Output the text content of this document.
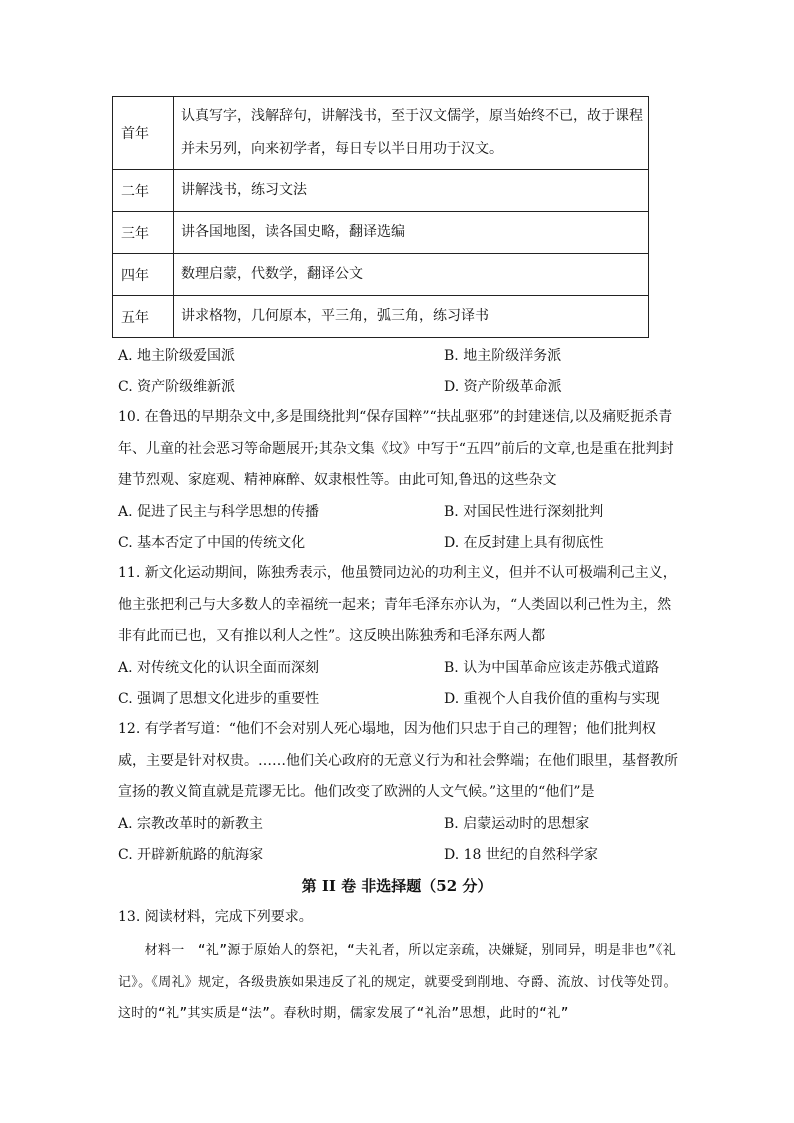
首年	认真写字，浅解辞句，讲解浅书，至于汉文儒学，原当始终不已，故于课程并未另列，向来初学者，每日专以半日用功于汉文。
二年	讲解浅书，练习文法
三年	讲各国地图，读各国史略，翻译选编
四年	数理启蒙，代数学，翻译公文
五年	讲求格物，几何原本，平三角，弧三角，练习译书
A. 地主阶级爱国派	B. 地主阶级洋务派
C. 资产阶级维新派	D. 资产阶级革命派
10. 在鲁迅的早期杂文中,多是围绕批判“保存国粹”“扶乩驱邪”的封建迷信,以及痛贬扼杀青年、儿童的社会恶习等命题展开;其杂文集《坟》中写于“五四”前后的文章,也是重在批判封建节烈观、家庭观、精神麻醉、奴隶根性等。由此可知,鲁迅的这些杂文
A. 促进了民主与科学思想的传播	B. 对国民性进行深刻批判
C. 基本否定了中国的传统文化	D. 在反封建上具有彻底性
11. 新文化运动期间，陈独秀表示，他虽赞同边沁的功利主义，但并不认可极端利己主义，他主张把利己与大多数人的幸福统一起来；青年毛泽东亦认为，“人类固以利己性为主，然非有此而已也，又有推以利人之性”。这反映出陈独秀和毛泽东两人都
A. 对传统文化的认识全面而深刻	B. 认为中国革命应该走苏俄式道路
C. 强调了思想文化进步的重要性	D. 重视个人自我价值的重构与实现
12. 有学者写道：“他们不会对别人死心塌地，因为他们只忠于自己的理智；他们批判权威，主要是针对权贵。……他们关心政府的无意义行为和社会弊端；在他们眼里，基督教所宣扬的教义简直就是荒谬无比。他们改变了欧洲的人文气候。”这里的“他们”是
A. 宗教改革时的新教主	B. 启蒙运动时的思想家
C. 开辟新航路的航海家	D. 18 世纪的自然科学家
第 II 卷 非选择题（52 分）
13. 阅读材料，完成下列要求。
　　材料一　“礼”源于原始人的祭祀，“夫礼者，所以定亲疏，决嫌疑，别同异，明是非也”《礼记》。《周礼》规定，各级贵族如果违反了礼的规定，就要受到削地、夺爵、流放、讨伐等处罚。这时的“礼”其实质是“法”。春秋时期，儒家发展了“礼治”思想，此时的“礼”
